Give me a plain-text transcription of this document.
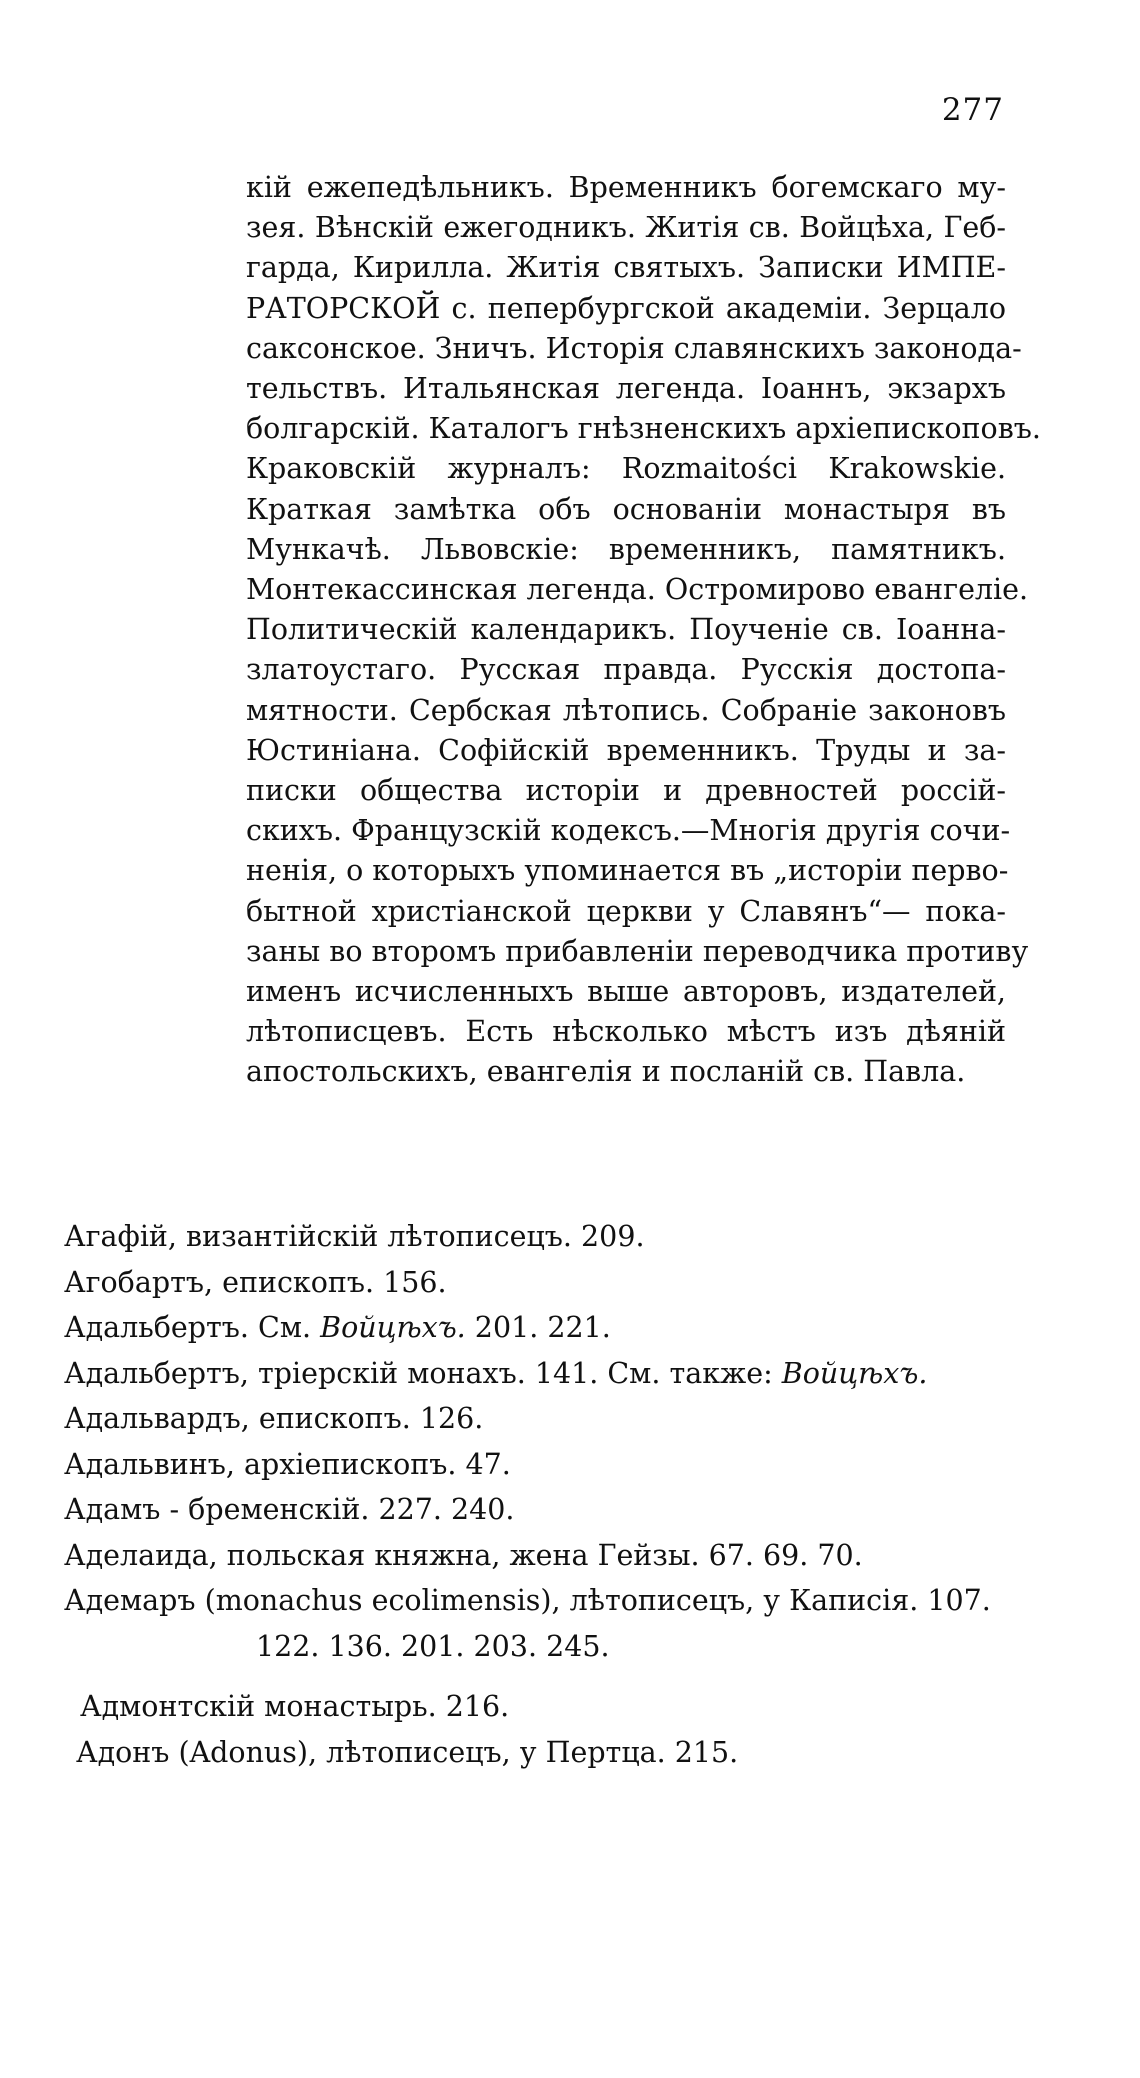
277
кій ежепедѣльникъ. Временникъ богемскаго му-
зея. Вѣнскій ежегодникъ. Житія св. Войцѣха, Геб-
гарда, Кирилла. Житія святыхъ. Записки ИМПЕ-
РАТОРСКОЙ с. пепербургской академіи. Зерцало
саксонское. Зничъ. Исторія славянскихъ законода-
тельствъ. Итальянская легенда. Іоаннъ, экзархъ
болгарскій. Каталогъ гнѣзненскихъ архіепископовъ.
Краковскій журналъ: Rozmaitości Krakowskie.
Краткая замѣтка объ основаніи монастыря въ
Мункачѣ. Львовскіе: временникъ, памятникъ.
Монтекассинская легенда. Остромирово евангеліе.
Политическій календарикъ. Поученіе св. Іоанна-
златоустаго. Русская правда. Русскія достопа-
мятности. Сербская лѣтопись. Собраніе законовъ
Юстиніана. Софійскій временникъ. Труды и за-
писки общества исторіи и древностей россій-
скихъ. Французскій кодексъ.—Многія другія сочи-
ненія, о которыхъ упоминается въ „исторіи перво-
бытной христіанской церкви у Славянъ“— пока-
заны во второмъ прибавленіи переводчика противу
именъ исчисленныхъ выше авторовъ, издателей,
лѣтописцевъ. Есть нѣсколько мѣстъ изъ дѣяній
апостольскихъ, евангелія и посланій св. Павла.

Агафій, византійскій лѣтописецъ. 209.

Агобартъ, епископъ. 156.

Адальбертъ. См. Войцѣхъ. 201. 221.

Адальбертъ, тріерскій монахъ. 141. См. также: Войцѣхъ.

Адальвардъ, епископъ. 126.

Адальвинъ, архіепископъ. 47.

Адамъ - бременскій. 227. 240.

Аделаида, польская княжна, жена Гейзы. 67. 69. 70.

Адемаръ (monachus ecolimensis), лѣтописецъ, у Каписія. 107.

122. 136. 201. 203. 245.

Адмонтскій монастырь. 216.

Адонъ (Adonus), лѣтописецъ, у Пертца. 215.
